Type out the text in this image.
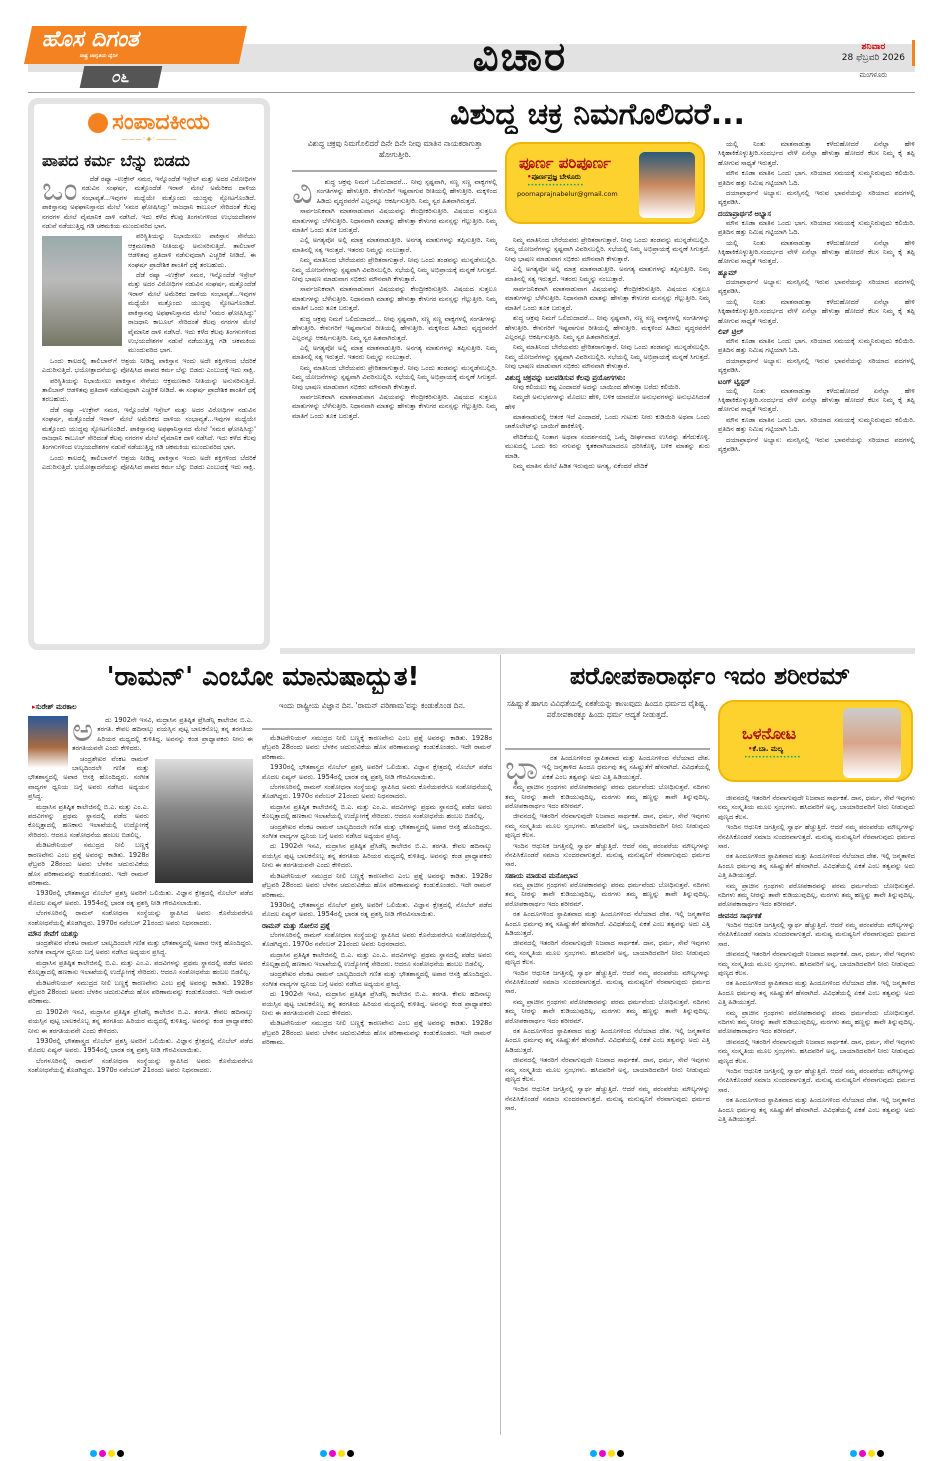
ಹೊಸ ದಿಗಂತ
ರಾಷ್ಟ್ರ ಜಾಗೃತಿಯ ದೈನಿಕ
೦೬	ವಿಚಾರ	ಶನಿವಾರ
28 ಫೆಬ್ರವರಿ 2026
ಮಂಗಳೂರು
ಸಂಪಾದಕೀಯ
———◦◈◦———
ಪಾಪದ ಕರ್ಮ ಬೆನ್ನು ಬಿಡದು
ಒಂ	ದೆಡೆ ರಷ್ಯಾ –ಉಕ್ರೇನ್ ಸಮರ, ಇನ್ನೊಂದೆಡೆ ಇಸ್ರೇಲ್ ಮತ್ತು ಅದರ ವಿರೋಧಿಗಳ ನಡುವಿನ ಸಂಘರ್ಷ, ಮತ್ತೊಂದೆಡೆ ಇರಾನ್ ಮೇಲೆ ಅಮೆರಿಕದ ದಾಳಿಯ ಸಂಭಾವ್ಯತೆ...ಇವುಗಳ ಮಧ್ಯೆಯೇ ಮತ್ತೊಂದು ಯುದ್ಧವು ಸ್ಫೋಟಗೊಂಡಿದೆ. ಪಾಕಿಸ್ತಾನವು ಅಫಘಾನಿಸ್ತಾನದ ಮೇಲೆ 'ಸಮರ ಘೋಷಿಸಿದ್ದು' ರಾಜಧಾನಿ ಕಾಬೂಲ್ ಸೇರಿದಂತೆ ಕೆಲವು ನಗರಗಳ ಮೇಲೆ ವೈಮಾನಿಕ ದಾಳಿ ನಡೆಸಿದೆ. ಇದು ಕಳೆದ ಕೆಲವು ತಿಂಗಳುಗಳಿಂದ ಉಭಯದೇಶಗಳ ನಡುವೆ ನಡೆಯುತ್ತಿದ್ದ ಗಡಿ ಚಕಮಕಿಯ ಮುಂದುವರಿದ ಭಾಗ.

ಪರಿಸ್ಥಿತಿಯನ್ನು ನಿಭಾಯಿಸಲು ಪಾಕಿಸ್ತಾನ ಸೇನೆಯು ಆಕ್ರಮಣಕಾರಿ ನೀತಿಯನ್ನು ಅನುಸರಿಸುತ್ತಿದೆ. ತಾಲಿಬಾನ್ ಆಡಳಿತವು ಪ್ರತಿದಾಳಿ ನಡೆಸುವುದಾಗಿ ಎಚ್ಚರಿಕೆ ನೀಡಿದೆ. ಈ ಸಂಘರ್ಷ ಪ್ರಾದೇಶಿಕ ಶಾಂತಿಗೆ ಧಕ್ಕೆ ತರಬಹುದು.

ದೆಡೆ ರಷ್ಯಾ –ಉಕ್ರೇನ್ ಸಮರ, ಇನ್ನೊಂದೆಡೆ ಇಸ್ರೇಲ್ ಮತ್ತು ಅದರ ವಿರೋಧಿಗಳ ನಡುವಿನ ಸಂಘರ್ಷ, ಮತ್ತೊಂದೆಡೆ ಇರಾನ್ ಮೇಲೆ ಅಮೆರಿಕದ ದಾಳಿಯ ಸಂಭಾವ್ಯತೆ...ಇವುಗಳ ಮಧ್ಯೆಯೇ ಮತ್ತೊಂದು ಯುದ್ಧವು ಸ್ಫೋಟಗೊಂಡಿದೆ. ಪಾಕಿಸ್ತಾನವು ಅಫಘಾನಿಸ್ತಾನದ ಮೇಲೆ 'ಸಮರ ಘೋಷಿಸಿದ್ದು' ರಾಜಧಾನಿ ಕಾಬೂಲ್ ಸೇರಿದಂತೆ ಕೆಲವು ನಗರಗಳ ಮೇಲೆ ವೈಮಾನಿಕ ದಾಳಿ ನಡೆಸಿದೆ. ಇದು ಕಳೆದ ಕೆಲವು ತಿಂಗಳುಗಳಿಂದ ಉಭಯದೇಶಗಳ ನಡುವೆ ನಡೆಯುತ್ತಿದ್ದ ಗಡಿ ಚಕಮಕಿಯ ಮುಂದುವರಿದ ಭಾಗ.

ಒಂದು ಕಾಲದಲ್ಲಿ ತಾಲಿಬಾನ್‌ಗೆ ಆಶ್ರಯ ನೀಡಿದ್ದ ಪಾಕಿಸ್ತಾನ ಇಂದು ಅದೇ ಶಕ್ತಿಗಳಿಂದ ಬೆದರಿಕೆ ಎದುರಿಸುತ್ತಿದೆ. ಭಯೋತ್ಪಾದನೆಯನ್ನು ಪೋಷಿಸಿದ ಪಾಪದ ಕರ್ಮ ಬೆನ್ನು ಬಿಡದು ಎಂಬುದಕ್ಕೆ ಇದು ಸಾಕ್ಷಿ.

ಪರಿಸ್ಥಿತಿಯನ್ನು ನಿಭಾಯಿಸಲು ಪಾಕಿಸ್ತಾನ ಸೇನೆಯು ಆಕ್ರಮಣಕಾರಿ ನೀತಿಯನ್ನು ಅನುಸರಿಸುತ್ತಿದೆ. ತಾಲಿಬಾನ್ ಆಡಳಿತವು ಪ್ರತಿದಾಳಿ ನಡೆಸುವುದಾಗಿ ಎಚ್ಚರಿಕೆ ನೀಡಿದೆ. ಈ ಸಂಘರ್ಷ ಪ್ರಾದೇಶಿಕ ಶಾಂತಿಗೆ ಧಕ್ಕೆ ತರಬಹುದು.

ದೆಡೆ ರಷ್ಯಾ –ಉಕ್ರೇನ್ ಸಮರ, ಇನ್ನೊಂದೆಡೆ ಇಸ್ರೇಲ್ ಮತ್ತು ಅದರ ವಿರೋಧಿಗಳ ನಡುವಿನ ಸಂಘರ್ಷ, ಮತ್ತೊಂದೆಡೆ ಇರಾನ್ ಮೇಲೆ ಅಮೆರಿಕದ ದಾಳಿಯ ಸಂಭಾವ್ಯತೆ...ಇವುಗಳ ಮಧ್ಯೆಯೇ ಮತ್ತೊಂದು ಯುದ್ಧವು ಸ್ಫೋಟಗೊಂಡಿದೆ. ಪಾಕಿಸ್ತಾನವು ಅಫಘಾನಿಸ್ತಾನದ ಮೇಲೆ 'ಸಮರ ಘೋಷಿಸಿದ್ದು' ರಾಜಧಾನಿ ಕಾಬೂಲ್ ಸೇರಿದಂತೆ ಕೆಲವು ನಗರಗಳ ಮೇಲೆ ವೈಮಾನಿಕ ದಾಳಿ ನಡೆಸಿದೆ. ಇದು ಕಳೆದ ಕೆಲವು ತಿಂಗಳುಗಳಿಂದ ಉಭಯದೇಶಗಳ ನಡುವೆ ನಡೆಯುತ್ತಿದ್ದ ಗಡಿ ಚಕಮಕಿಯ ಮುಂದುವರಿದ ಭಾಗ.

ಒಂದು ಕಾಲದಲ್ಲಿ ತಾಲಿಬಾನ್‌ಗೆ ಆಶ್ರಯ ನೀಡಿದ್ದ ಪಾಕಿಸ್ತಾನ ಇಂದು ಅದೇ ಶಕ್ತಿಗಳಿಂದ ಬೆದರಿಕೆ ಎದುರಿಸುತ್ತಿದೆ. ಭಯೋತ್ಪಾದನೆಯನ್ನು ಪೋಷಿಸಿದ ಪಾಪದ ಕರ್ಮ ಬೆನ್ನು ಬಿಡದು ಎಂಬುದಕ್ಕೆ ಇದು ಸಾಕ್ಷಿ.

ವಿಶುದ್ಧ ಚಕ್ರ ನಿಮಗೊಲಿದರೆ...
ವಿಶುದ್ಧ ಚಕ್ರವು ನಿಮಗೊಲಿದರೆ ದಿನೇ ದಿನೇ ನೀವು ಮಾತಿನ ನಾಯಕರಾಗುತ್ತಾ ಹೋಗುತ್ತೀರಿ.
ವಿ	ಶುದ್ಧ ಚಕ್ರವು ನಿಮಗೆ ಒಲಿದುದಾದರೆ... ನೀವು ಸ್ಪಷ್ಟವಾಗಿ, ಸಣ್ಣ ಸಣ್ಣ ವಾಕ್ಯಗಳಲ್ಲಿ ಸಂಗತಿಗಳನ್ನು ಹೇಳುತ್ತೀರಿ. ಕೇಳುಗರಿಗೆ ಇಷ್ಟವಾಗುವ ರೀತಿಯಲ್ಲಿ ಹೇಳುತ್ತೀರಿ. ಮಕ್ಕಳಿಂದ ಹಿಡಿದು ವೃದ್ಧರವರೆಗೆ ಎಲ್ಲರನ್ನೂ ಆಕರ್ಷಿಸುತ್ತೀರಿ. ನಿಮ್ಮ ಸ್ವರ ಹಿತವಾಗಿರುತ್ತದೆ.

ಸಾರ್ವಜನಿಕವಾಗಿ ಮಾತನಾಡುವಾಗ ವಿಷಯವನ್ನು ಕೇಂದ್ರೀಕರಿಸುತ್ತೀರಿ. ವಿಷಯದ ಸುತ್ತಲೂ ಮಾತುಗಳನ್ನು ಬೆಳೆಸುತ್ತೀರಿ. ನಿಧಾನವಾಗಿ ಮಾತನ್ನು ಹೇಳುತ್ತಾ ಕೇಳುಗರ ಮನಸ್ಸನ್ನು ಗೆಲ್ಲುತ್ತೀರಿ. ನಿಮ್ಮ ಮಾತಿಗೆ ಒಂದು ತೂಕ ಬರುತ್ತದೆ.

ಎಲ್ಲಿ ಅಗತ್ಯವೋ ಅಲ್ಲಿ ಮಾತ್ರ ಮಾತನಾಡುತ್ತೀರಿ. ಅನಗತ್ಯ ಮಾತುಗಳನ್ನು ತಪ್ಪಿಸುತ್ತೀರಿ. ನಿಮ್ಮ ಮಾತಿನಲ್ಲಿ ಸತ್ಯ ಇರುತ್ತದೆ. ಇತರರು ನಿಮ್ಮನ್ನು ನಂಬುತ್ತಾರೆ.

ನಿಮ್ಮ ಮಾತಿನಿಂದ ಬೇರೆಯವರು ಪ್ರೇರಿತರಾಗುತ್ತಾರೆ. ನೀವು ಒಂದು ತಂಡವನ್ನು ಮುನ್ನಡೆಸಬಲ್ಲಿರಿ. ನಿಮ್ಮ ಯೋಜನೆಗಳನ್ನು ಸ್ಪಷ್ಟವಾಗಿ ವಿವರಿಸಬಲ್ಲಿರಿ. ಸಭೆಯಲ್ಲಿ ನಿಮ್ಮ ಅಭಿಪ್ರಾಯಕ್ಕೆ ಮನ್ನಣೆ ಸಿಗುತ್ತದೆ. ನೀವು ಭಾಷಣ ಮಾಡುವಾಗ ಸಭಿಕರು ಮೌನವಾಗಿ ಕೇಳುತ್ತಾರೆ.

ಸಾರ್ವಜನಿಕವಾಗಿ ಮಾತನಾಡುವಾಗ ವಿಷಯವನ್ನು ಕೇಂದ್ರೀಕರಿಸುತ್ತೀರಿ. ವಿಷಯದ ಸುತ್ತಲೂ ಮಾತುಗಳನ್ನು ಬೆಳೆಸುತ್ತೀರಿ. ನಿಧಾನವಾಗಿ ಮಾತನ್ನು ಹೇಳುತ್ತಾ ಕೇಳುಗರ ಮನಸ್ಸನ್ನು ಗೆಲ್ಲುತ್ತೀರಿ. ನಿಮ್ಮ ಮಾತಿಗೆ ಒಂದು ತೂಕ ಬರುತ್ತದೆ.

ಶುದ್ಧ ಚಕ್ರವು ನಿಮಗೆ ಒಲಿದುದಾದರೆ... ನೀವು ಸ್ಪಷ್ಟವಾಗಿ, ಸಣ್ಣ ಸಣ್ಣ ವಾಕ್ಯಗಳಲ್ಲಿ ಸಂಗತಿಗಳನ್ನು ಹೇಳುತ್ತೀರಿ. ಕೇಳುಗರಿಗೆ ಇಷ್ಟವಾಗುವ ರೀತಿಯಲ್ಲಿ ಹೇಳುತ್ತೀರಿ. ಮಕ್ಕಳಿಂದ ಹಿಡಿದು ವೃದ್ಧರವರೆಗೆ ಎಲ್ಲರನ್ನೂ ಆಕರ್ಷಿಸುತ್ತೀರಿ. ನಿಮ್ಮ ಸ್ವರ ಹಿತವಾಗಿರುತ್ತದೆ.

ಎಲ್ಲಿ ಅಗತ್ಯವೋ ಅಲ್ಲಿ ಮಾತ್ರ ಮಾತನಾಡುತ್ತೀರಿ. ಅನಗತ್ಯ ಮಾತುಗಳನ್ನು ತಪ್ಪಿಸುತ್ತೀರಿ. ನಿಮ್ಮ ಮಾತಿನಲ್ಲಿ ಸತ್ಯ ಇರುತ್ತದೆ. ಇತರರು ನಿಮ್ಮನ್ನು ನಂಬುತ್ತಾರೆ.

ನಿಮ್ಮ ಮಾತಿನಿಂದ ಬೇರೆಯವರು ಪ್ರೇರಿತರಾಗುತ್ತಾರೆ. ನೀವು ಒಂದು ತಂಡವನ್ನು ಮುನ್ನಡೆಸಬಲ್ಲಿರಿ. ನಿಮ್ಮ ಯೋಜನೆಗಳನ್ನು ಸ್ಪಷ್ಟವಾಗಿ ವಿವರಿಸಬಲ್ಲಿರಿ. ಸಭೆಯಲ್ಲಿ ನಿಮ್ಮ ಅಭಿಪ್ರಾಯಕ್ಕೆ ಮನ್ನಣೆ ಸಿಗುತ್ತದೆ. ನೀವು ಭಾಷಣ ಮಾಡುವಾಗ ಸಭಿಕರು ಮೌನವಾಗಿ ಕೇಳುತ್ತಾರೆ.

ಸಾರ್ವಜನಿಕವಾಗಿ ಮಾತನಾಡುವಾಗ ವಿಷಯವನ್ನು ಕೇಂದ್ರೀಕರಿಸುತ್ತೀರಿ. ವಿಷಯದ ಸುತ್ತಲೂ ಮಾತುಗಳನ್ನು ಬೆಳೆಸುತ್ತೀರಿ. ನಿಧಾನವಾಗಿ ಮಾತನ್ನು ಹೇಳುತ್ತಾ ಕೇಳುಗರ ಮನಸ್ಸನ್ನು ಗೆಲ್ಲುತ್ತೀರಿ. ನಿಮ್ಮ ಮಾತಿಗೆ ಒಂದು ತೂಕ ಬರುತ್ತದೆ.

ಪೂರ್ಣ ಪರಿಪೂರ್ಣ
•ಪೂರ್ಣಪ್ರಜ್ಞ ಬೇಳೂರು
••••••••••••••••
poornaprajnabelur@gmail.com

ನಿಮ್ಮ ಮಾತಿನಿಂದ ಬೇರೆಯವರು ಪ್ರೇರಿತರಾಗುತ್ತಾರೆ. ನೀವು ಒಂದು ತಂಡವನ್ನು ಮುನ್ನಡೆಸಬಲ್ಲಿರಿ. ನಿಮ್ಮ ಯೋಜನೆಗಳನ್ನು ಸ್ಪಷ್ಟವಾಗಿ ವಿವರಿಸಬಲ್ಲಿರಿ. ಸಭೆಯಲ್ಲಿ ನಿಮ್ಮ ಅಭಿಪ್ರಾಯಕ್ಕೆ ಮನ್ನಣೆ ಸಿಗುತ್ತದೆ. ನೀವು ಭಾಷಣ ಮಾಡುವಾಗ ಸಭಿಕರು ಮೌನವಾಗಿ ಕೇಳುತ್ತಾರೆ.

ಎಲ್ಲಿ ಅಗತ್ಯವೋ ಅಲ್ಲಿ ಮಾತ್ರ ಮಾತನಾಡುತ್ತೀರಿ. ಅನಗತ್ಯ ಮಾತುಗಳನ್ನು ತಪ್ಪಿಸುತ್ತೀರಿ. ನಿಮ್ಮ ಮಾತಿನಲ್ಲಿ ಸತ್ಯ ಇರುತ್ತದೆ. ಇತರರು ನಿಮ್ಮನ್ನು ನಂಬುತ್ತಾರೆ.

ಸಾರ್ವಜನಿಕವಾಗಿ ಮಾತನಾಡುವಾಗ ವಿಷಯವನ್ನು ಕೇಂದ್ರೀಕರಿಸುತ್ತೀರಿ. ವಿಷಯದ ಸುತ್ತಲೂ ಮಾತುಗಳನ್ನು ಬೆಳೆಸುತ್ತೀರಿ. ನಿಧಾನವಾಗಿ ಮಾತನ್ನು ಹೇಳುತ್ತಾ ಕೇಳುಗರ ಮನಸ್ಸನ್ನು ಗೆಲ್ಲುತ್ತೀರಿ. ನಿಮ್ಮ ಮಾತಿಗೆ ಒಂದು ತೂಕ ಬರುತ್ತದೆ.

ಶುದ್ಧ ಚಕ್ರವು ನಿಮಗೆ ಒಲಿದುದಾದರೆ... ನೀವು ಸ್ಪಷ್ಟವಾಗಿ, ಸಣ್ಣ ಸಣ್ಣ ವಾಕ್ಯಗಳಲ್ಲಿ ಸಂಗತಿಗಳನ್ನು ಹೇಳುತ್ತೀರಿ. ಕೇಳುಗರಿಗೆ ಇಷ್ಟವಾಗುವ ರೀತಿಯಲ್ಲಿ ಹೇಳುತ್ತೀರಿ. ಮಕ್ಕಳಿಂದ ಹಿಡಿದು ವೃದ್ಧರವರೆಗೆ ಎಲ್ಲರನ್ನೂ ಆಕರ್ಷಿಸುತ್ತೀರಿ. ನಿಮ್ಮ ಸ್ವರ ಹಿತವಾಗಿರುತ್ತದೆ.

ನಿಮ್ಮ ಮಾತಿನಿಂದ ಬೇರೆಯವರು ಪ್ರೇರಿತರಾಗುತ್ತಾರೆ. ನೀವು ಒಂದು ತಂಡವನ್ನು ಮುನ್ನಡೆಸಬಲ್ಲಿರಿ. ನಿಮ್ಮ ಯೋಜನೆಗಳನ್ನು ಸ್ಪಷ್ಟವಾಗಿ ವಿವರಿಸಬಲ್ಲಿರಿ. ಸಭೆಯಲ್ಲಿ ನಿಮ್ಮ ಅಭಿಪ್ರಾಯಕ್ಕೆ ಮನ್ನಣೆ ಸಿಗುತ್ತದೆ. ನೀವು ಭಾಷಣ ಮಾಡುವಾಗ ಸಭಿಕರು ಮೌನವಾಗಿ ಕೇಳುತ್ತಾರೆ.

ವಿಶುದ್ಧ ಚಕ್ರವನ್ನು ಬಲಪಡಿಸುವ ಕೆಲವು ಪ್ರಯೋಗಗಳು:

ನೀವು ಕಲಿಯಲು ಕಷ್ಟ ಎಂದಾದರೆ ಅದನ್ನು ಬಾಯಿಂದ ಹೇಳುತ್ತಾ ಬರೆದು ಕಲಿಯಿರಿ.

ನಿಮ್ಮದೇ ಅನುಭವಗಳನ್ನು ಮೊದಲು ಹೇಳಿ, ಬಳಿಕ ಯಾರದೋ ಅನುಭವಗಳನ್ನು ಅನುಭವಿಸಿದಂತೆ ಹೇಳಿ

ಮಾತನಾಡುವಲ್ಲಿ ಆತಂಕ ಇದೆ ಎಂದಾದರೆ, ಒಂದು ಗುಟುಕು ನೀರು ಕುಡಿಯಿರಿ ಅಥವಾ ಒಂದು ಚಾಕೊಲೇಟ್‌ನ್ನು ಬಾಯಿಗೆ ಹಾಕಿಕೊಳ್ಳಿ.

ವೇದಿಕೆಯಲ್ಲಿ ನಿಂತಾಗ ಅಥವಾ ಸಂದರ್ಶನದಲ್ಲಿ ಒಮ್ಮೆ ದೀರ್ಘವಾದ ಉಸಿರನ್ನು ತೆಗೆದುಕೊಳ್ಳಿ. ಮುಖದಲ್ಲಿ ಒಂದು ಕಿರು ನಗುವನ್ನು ಕೃತಕವಾಗಿಯಾದರೂ ಧರಿಸಿಕೊಳ್ಳಿ, ಬಳಿಕ ಮಾತನ್ನು ಶುರು ಮಾಡಿ.

ನಿಮ್ಮ ಮಾತಿನ ಮೇಲೆ ಹಿಡಿತ ಇರುವುದು ಅಗತ್ಯ, ಏಕೆಂದರೆ ವೇದಿಕೆ

ಯಲ್ಲಿ ನಿಂತು ಮಾತನಾಡುತ್ತಾ ಕಳೆದುಹೋದರೆ ಏನೆಲ್ಲಾ ಹೇಳಿ ಸಿಕ್ಕಿಹಾಕಿಕೊಳ್ಳುತ್ತೀರಿ.ಸಂದರ್ಭದ ವೇಳೆ ಏನೆಲ್ಲಾ ಹೇಳುತ್ತಾ ಹೋದರೆ ಕೆಲಸ ನಿಮ್ಮ ಕೈ ತಪ್ಪಿ ಹೋಗುವ ಸಾಧ್ಯತೆ ಇರುತ್ತದೆ.

ಮೌನ ಕೂಡಾ ಮಾತಿನ ಒಂದು ಭಾಗ. ಸರಿಯಾದ ಸಮಯಕ್ಕೆ ಸುಮ್ಮನಿರುವುದು ಕಲಿಯಿರಿ. ಪ್ರತಿದಿನ ಹತ್ತು ನಿಮಿಷ ಗಟ್ಟಿಯಾಗಿ ಓದಿ.

ದಯಾಪ್ರಾರ್ಥನೆ ಅಭ್ಯಾಸ: ಮನಸ್ಸಿನಲ್ಲಿ ಇರುವ ಭಾವನೆಯನ್ನು ಸರಿಯಾದ ಪದಗಳಲ್ಲಿ ವ್ಯಕ್ತಪಡಿಸಿ.

ದಯಾಪ್ರಾರ್ಥನೆ ಅಭ್ಯಾಸ

ಮೌನ ಕೂಡಾ ಮಾತಿನ ಒಂದು ಭಾಗ. ಸರಿಯಾದ ಸಮಯಕ್ಕೆ ಸುಮ್ಮನಿರುವುದು ಕಲಿಯಿರಿ. ಪ್ರತಿದಿನ ಹತ್ತು ನಿಮಿಷ ಗಟ್ಟಿಯಾಗಿ ಓದಿ.

ಯಲ್ಲಿ ನಿಂತು ಮಾತನಾಡುತ್ತಾ ಕಳೆದುಹೋದರೆ ಏನೆಲ್ಲಾ ಹೇಳಿ ಸಿಕ್ಕಿಹಾಕಿಕೊಳ್ಳುತ್ತೀರಿ.ಸಂದರ್ಭದ ವೇಳೆ ಏನೆಲ್ಲಾ ಹೇಳುತ್ತಾ ಹೋದರೆ ಕೆಲಸ ನಿಮ್ಮ ಕೈ ತಪ್ಪಿ ಹೋಗುವ ಸಾಧ್ಯತೆ ಇರುತ್ತದೆ.

ಹ್ಯೂಮ್

ದಯಾಪ್ರಾರ್ಥನೆ ಅಭ್ಯಾಸ: ಮನಸ್ಸಿನಲ್ಲಿ ಇರುವ ಭಾವನೆಯನ್ನು ಸರಿಯಾದ ಪದಗಳಲ್ಲಿ ವ್ಯಕ್ತಪಡಿಸಿ.

ಯಲ್ಲಿ ನಿಂತು ಮಾತನಾಡುತ್ತಾ ಕಳೆದುಹೋದರೆ ಏನೆಲ್ಲಾ ಹೇಳಿ ಸಿಕ್ಕಿಹಾಕಿಕೊಳ್ಳುತ್ತೀರಿ.ಸಂದರ್ಭದ ವೇಳೆ ಏನೆಲ್ಲಾ ಹೇಳುತ್ತಾ ಹೋದರೆ ಕೆಲಸ ನಿಮ್ಮ ಕೈ ತಪ್ಪಿ ಹೋಗುವ ಸಾಧ್ಯತೆ ಇರುತ್ತದೆ.

ಲಿಪ್ ಟ್ರಿಲ್

ಮೌನ ಕೂಡಾ ಮಾತಿನ ಒಂದು ಭಾಗ. ಸರಿಯಾದ ಸಮಯಕ್ಕೆ ಸುಮ್ಮನಿರುವುದು ಕಲಿಯಿರಿ. ಪ್ರತಿದಿನ ಹತ್ತು ನಿಮಿಷ ಗಟ್ಟಿಯಾಗಿ ಓದಿ.

ದಯಾಪ್ರಾರ್ಥನೆ ಅಭ್ಯಾಸ: ಮನಸ್ಸಿನಲ್ಲಿ ಇರುವ ಭಾವನೆಯನ್ನು ಸರಿಯಾದ ಪದಗಳಲ್ಲಿ ವ್ಯಕ್ತಪಡಿಸಿ.

ಟಂಗ್ ಟ್ವಿಸ್ಟರ್

ಯಲ್ಲಿ ನಿಂತು ಮಾತನಾಡುತ್ತಾ ಕಳೆದುಹೋದರೆ ಏನೆಲ್ಲಾ ಹೇಳಿ ಸಿಕ್ಕಿಹಾಕಿಕೊಳ್ಳುತ್ತೀರಿ.ಸಂದರ್ಭದ ವೇಳೆ ಏನೆಲ್ಲಾ ಹೇಳುತ್ತಾ ಹೋದರೆ ಕೆಲಸ ನಿಮ್ಮ ಕೈ ತಪ್ಪಿ ಹೋಗುವ ಸಾಧ್ಯತೆ ಇರುತ್ತದೆ.

ಮೌನ ಕೂಡಾ ಮಾತಿನ ಒಂದು ಭಾಗ. ಸರಿಯಾದ ಸಮಯಕ್ಕೆ ಸುಮ್ಮನಿರುವುದು ಕಲಿಯಿರಿ. ಪ್ರತಿದಿನ ಹತ್ತು ನಿಮಿಷ ಗಟ್ಟಿಯಾಗಿ ಓದಿ.

ದಯಾಪ್ರಾರ್ಥನೆ ಅಭ್ಯಾಸ: ಮನಸ್ಸಿನಲ್ಲಿ ಇರುವ ಭಾವನೆಯನ್ನು ಸರಿಯಾದ ಪದಗಳಲ್ಲಿ ವ್ಯಕ್ತಪಡಿಸಿ.

'ರಾಮನ್' ಎಂಬೋ ಮಾನುಷಾದ್ಭುತ!
▸ಸುರೇಶ್ ಮರಕಾಲ	ಇಂದು ರಾಷ್ಟ್ರೀಯ ವಿಜ್ಞಾನ ದಿನ. 'ರಾಮನ್ ಪರಿಣಾಮ'ವನ್ನು ಕಂಡುಕೊಂಡ ದಿನ.
ಅ	ದು 1902ನೇ ಇಸವಿ, ಮದ್ರಾಸಿನ ಪ್ರತಿಷ್ಠಿತ ಪ್ರೆಸಿಡೆನ್ಸಿ ಕಾಲೇಜಿನ ಬಿ.ಎ. ತರಗತಿ. ಕೇವಲ ಹದಿನಾಲ್ಕು ವಯಸ್ಸಿನ ಪುಟ್ಟ ಬಾಲಕನೊಬ್ಬ ತನ್ನ ತರಗತಿಯ ಹಿರಿಯರ ಮಧ್ಯದಲ್ಲಿ ಕುಳಿತಿದ್ದ. ಅವನನ್ನು ಕಂಡ ಪ್ರಾಧ್ಯಾಪಕರು ನೀನು ಈ ತರಗತಿಯವನೇ ಎಂದು ಕೇಳಿದರು.

ಚಂದ್ರಶೇಖರ ವೆಂಕಟ ರಾಮನ್ ಬಾಲ್ಯದಿಂದಲೇ ಗಣಿತ ಮತ್ತು ಭೌತಶಾಸ್ತ್ರದಲ್ಲಿ ಅಪಾರ ಆಸಕ್ತಿ ಹೊಂದಿದ್ದರು. ಸಂಗೀತ ವಾದ್ಯಗಳ ಧ್ವನಿಯ ಬಗ್ಗೆ ಅವರು ನಡೆಸಿದ ಅಧ್ಯಯನ ಪ್ರಸಿದ್ಧ.

ಮದ್ರಾಸಿನ ಪ್ರತಿಷ್ಠಿತ ಕಾಲೇಜಿನಲ್ಲಿ ಬಿ.ಎ. ಮತ್ತು ಎಂ.ಎ. ಪದವಿಗಳನ್ನು ಪ್ರಥಮ ಸ್ಥಾನದಲ್ಲಿ ಪಡೆದ ಅವರು ಕೊಲ್ಕತ್ತಾದಲ್ಲಿ ಹಣಕಾಸು ಇಲಾಖೆಯಲ್ಲಿ ಉದ್ಯೋಗಕ್ಕೆ ಸೇರಿದರು. ಆದರೂ ಸಂಶೋಧನೆಯ ಹಂಬಲ ಬಿಡಲಿಲ್ಲ.

ಮೆಡಿಟರೇನಿಯನ್ ಸಮುದ್ರದ ನೀಲಿ ಬಣ್ಣಕ್ಕೆ ಕಾರಣವೇನು ಎಂಬ ಪ್ರಶ್ನೆ ಅವರನ್ನು ಕಾಡಿತು. 1928ರ ಫೆಬ್ರವರಿ 28ರಂದು ಅವರು ಬೆಳಕಿನ ಚದುರುವಿಕೆಯ ಹೊಸ ಪರಿಣಾಮವನ್ನು ಕಂಡುಕೊಂಡರು. ಇದೇ ರಾಮನ್ ಪರಿಣಾಮ.

1930ರಲ್ಲಿ ಭೌತಶಾಸ್ತ್ರದ ನೊಬೆಲ್ ಪ್ರಶಸ್ತಿ ಅವರಿಗೆ ಒಲಿಯಿತು. ವಿಜ್ಞಾನ ಕ್ಷೇತ್ರದಲ್ಲಿ ನೊಬೆಲ್ ಪಡೆದ ಮೊದಲ ಏಷ್ಯನ್ ಅವರು. 1954ರಲ್ಲಿ ಭಾರತ ರತ್ನ ಪ್ರಶಸ್ತಿ ನೀಡಿ ಗೌರವಿಸಲಾಯಿತು.

ಬೆಂಗಳೂರಿನಲ್ಲಿ ರಾಮನ್ ಸಂಶೋಧನಾ ಸಂಸ್ಥೆಯನ್ನು ಸ್ಥಾಪಿಸಿದ ಅವರು ಕೊನೆಯವರೆಗೂ ಸಂಶೋಧನೆಯಲ್ಲಿ ತೊಡಗಿದ್ದರು. 1970ರ ನವೆಂಬರ್ 21ರಂದು ಅವರು ನಿಧನರಾದರು.

ಮೌನ ಸೇವೆಗೆ ಯಶಸ್ಸು

ಚಂದ್ರಶೇಖರ ವೆಂಕಟ ರಾಮನ್ ಬಾಲ್ಯದಿಂದಲೇ ಗಣಿತ ಮತ್ತು ಭೌತಶಾಸ್ತ್ರದಲ್ಲಿ ಅಪಾರ ಆಸಕ್ತಿ ಹೊಂದಿದ್ದರು. ಸಂಗೀತ ವಾದ್ಯಗಳ ಧ್ವನಿಯ ಬಗ್ಗೆ ಅವರು ನಡೆಸಿದ ಅಧ್ಯಯನ ಪ್ರಸಿದ್ಧ.

ಮದ್ರಾಸಿನ ಪ್ರತಿಷ್ಠಿತ ಕಾಲೇಜಿನಲ್ಲಿ ಬಿ.ಎ. ಮತ್ತು ಎಂ.ಎ. ಪದವಿಗಳನ್ನು ಪ್ರಥಮ ಸ್ಥಾನದಲ್ಲಿ ಪಡೆದ ಅವರು ಕೊಲ್ಕತ್ತಾದಲ್ಲಿ ಹಣಕಾಸು ಇಲಾಖೆಯಲ್ಲಿ ಉದ್ಯೋಗಕ್ಕೆ ಸೇರಿದರು. ಆದರೂ ಸಂಶೋಧನೆಯ ಹಂಬಲ ಬಿಡಲಿಲ್ಲ.

ಮೆಡಿಟರೇನಿಯನ್ ಸಮುದ್ರದ ನೀಲಿ ಬಣ್ಣಕ್ಕೆ ಕಾರಣವೇನು ಎಂಬ ಪ್ರಶ್ನೆ ಅವರನ್ನು ಕಾಡಿತು. 1928ರ ಫೆಬ್ರವರಿ 28ರಂದು ಅವರು ಬೆಳಕಿನ ಚದುರುವಿಕೆಯ ಹೊಸ ಪರಿಣಾಮವನ್ನು ಕಂಡುಕೊಂಡರು. ಇದೇ ರಾಮನ್ ಪರಿಣಾಮ.

ದು 1902ನೇ ಇಸವಿ, ಮದ್ರಾಸಿನ ಪ್ರತಿಷ್ಠಿತ ಪ್ರೆಸಿಡೆನ್ಸಿ ಕಾಲೇಜಿನ ಬಿ.ಎ. ತರಗತಿ. ಕೇವಲ ಹದಿನಾಲ್ಕು ವಯಸ್ಸಿನ ಪುಟ್ಟ ಬಾಲಕನೊಬ್ಬ ತನ್ನ ತರಗತಿಯ ಹಿರಿಯರ ಮಧ್ಯದಲ್ಲಿ ಕುಳಿತಿದ್ದ. ಅವನನ್ನು ಕಂಡ ಪ್ರಾಧ್ಯಾಪಕರು ನೀನು ಈ ತರಗತಿಯವನೇ ಎಂದು ಕೇಳಿದರು.

1930ರಲ್ಲಿ ಭೌತಶಾಸ್ತ್ರದ ನೊಬೆಲ್ ಪ್ರಶಸ್ತಿ ಅವರಿಗೆ ಒಲಿಯಿತು. ವಿಜ್ಞಾನ ಕ್ಷೇತ್ರದಲ್ಲಿ ನೊಬೆಲ್ ಪಡೆದ ಮೊದಲ ಏಷ್ಯನ್ ಅವರು. 1954ರಲ್ಲಿ ಭಾರತ ರತ್ನ ಪ್ರಶಸ್ತಿ ನೀಡಿ ಗೌರವಿಸಲಾಯಿತು.

ಬೆಂಗಳೂರಿನಲ್ಲಿ ರಾಮನ್ ಸಂಶೋಧನಾ ಸಂಸ್ಥೆಯನ್ನು ಸ್ಥಾಪಿಸಿದ ಅವರು ಕೊನೆಯವರೆಗೂ ಸಂಶೋಧನೆಯಲ್ಲಿ ತೊಡಗಿದ್ದರು. 1970ರ ನವೆಂಬರ್ 21ರಂದು ಅವರು ನಿಧನರಾದರು.

ಮೆಡಿಟರೇನಿಯನ್ ಸಮುದ್ರದ ನೀಲಿ ಬಣ್ಣಕ್ಕೆ ಕಾರಣವೇನು ಎಂಬ ಪ್ರಶ್ನೆ ಅವರನ್ನು ಕಾಡಿತು. 1928ರ ಫೆಬ್ರವರಿ 28ರಂದು ಅವರು ಬೆಳಕಿನ ಚದುರುವಿಕೆಯ ಹೊಸ ಪರಿಣಾಮವನ್ನು ಕಂಡುಕೊಂಡರು. ಇದೇ ರಾಮನ್ ಪರಿಣಾಮ.

1930ರಲ್ಲಿ ಭೌತಶಾಸ್ತ್ರದ ನೊಬೆಲ್ ಪ್ರಶಸ್ತಿ ಅವರಿಗೆ ಒಲಿಯಿತು. ವಿಜ್ಞಾನ ಕ್ಷೇತ್ರದಲ್ಲಿ ನೊಬೆಲ್ ಪಡೆದ ಮೊದಲ ಏಷ್ಯನ್ ಅವರು. 1954ರಲ್ಲಿ ಭಾರತ ರತ್ನ ಪ್ರಶಸ್ತಿ ನೀಡಿ ಗೌರವಿಸಲಾಯಿತು.

ಬೆಂಗಳೂರಿನಲ್ಲಿ ರಾಮನ್ ಸಂಶೋಧನಾ ಸಂಸ್ಥೆಯನ್ನು ಸ್ಥಾಪಿಸಿದ ಅವರು ಕೊನೆಯವರೆಗೂ ಸಂಶೋಧನೆಯಲ್ಲಿ ತೊಡಗಿದ್ದರು. 1970ರ ನವೆಂಬರ್ 21ರಂದು ಅವರು ನಿಧನರಾದರು.

ಮದ್ರಾಸಿನ ಪ್ರತಿಷ್ಠಿತ ಕಾಲೇಜಿನಲ್ಲಿ ಬಿ.ಎ. ಮತ್ತು ಎಂ.ಎ. ಪದವಿಗಳನ್ನು ಪ್ರಥಮ ಸ್ಥಾನದಲ್ಲಿ ಪಡೆದ ಅವರು ಕೊಲ್ಕತ್ತಾದಲ್ಲಿ ಹಣಕಾಸು ಇಲಾಖೆಯಲ್ಲಿ ಉದ್ಯೋಗಕ್ಕೆ ಸೇರಿದರು. ಆದರೂ ಸಂಶೋಧನೆಯ ಹಂಬಲ ಬಿಡಲಿಲ್ಲ.

ಚಂದ್ರಶೇಖರ ವೆಂಕಟ ರಾಮನ್ ಬಾಲ್ಯದಿಂದಲೇ ಗಣಿತ ಮತ್ತು ಭೌತಶಾಸ್ತ್ರದಲ್ಲಿ ಅಪಾರ ಆಸಕ್ತಿ ಹೊಂದಿದ್ದರು. ಸಂಗೀತ ವಾದ್ಯಗಳ ಧ್ವನಿಯ ಬಗ್ಗೆ ಅವರು ನಡೆಸಿದ ಅಧ್ಯಯನ ಪ್ರಸಿದ್ಧ.

ದು 1902ನೇ ಇಸವಿ, ಮದ್ರಾಸಿನ ಪ್ರತಿಷ್ಠಿತ ಪ್ರೆಸಿಡೆನ್ಸಿ ಕಾಲೇಜಿನ ಬಿ.ಎ. ತರಗತಿ. ಕೇವಲ ಹದಿನಾಲ್ಕು ವಯಸ್ಸಿನ ಪುಟ್ಟ ಬಾಲಕನೊಬ್ಬ ತನ್ನ ತರಗತಿಯ ಹಿರಿಯರ ಮಧ್ಯದಲ್ಲಿ ಕುಳಿತಿದ್ದ. ಅವನನ್ನು ಕಂಡ ಪ್ರಾಧ್ಯಾಪಕರು ನೀನು ಈ ತರಗತಿಯವನೇ ಎಂದು ಕೇಳಿದರು.

ಮೆಡಿಟರೇನಿಯನ್ ಸಮುದ್ರದ ನೀಲಿ ಬಣ್ಣಕ್ಕೆ ಕಾರಣವೇನು ಎಂಬ ಪ್ರಶ್ನೆ ಅವರನ್ನು ಕಾಡಿತು. 1928ರ ಫೆಬ್ರವರಿ 28ರಂದು ಅವರು ಬೆಳಕಿನ ಚದುರುವಿಕೆಯ ಹೊಸ ಪರಿಣಾಮವನ್ನು ಕಂಡುಕೊಂಡರು. ಇದೇ ರಾಮನ್ ಪರಿಣಾಮ.

1930ರಲ್ಲಿ ಭೌತಶಾಸ್ತ್ರದ ನೊಬೆಲ್ ಪ್ರಶಸ್ತಿ ಅವರಿಗೆ ಒಲಿಯಿತು. ವಿಜ್ಞಾನ ಕ್ಷೇತ್ರದಲ್ಲಿ ನೊಬೆಲ್ ಪಡೆದ ಮೊದಲ ಏಷ್ಯನ್ ಅವರು. 1954ರಲ್ಲಿ ಭಾರತ ರತ್ನ ಪ್ರಶಸ್ತಿ ನೀಡಿ ಗೌರವಿಸಲಾಯಿತು.

ರಾಮನ್ ಮತ್ತು ಸೋಲಿನ ಪ್ರಶ್ನೆ

ಬೆಂಗಳೂರಿನಲ್ಲಿ ರಾಮನ್ ಸಂಶೋಧನಾ ಸಂಸ್ಥೆಯನ್ನು ಸ್ಥಾಪಿಸಿದ ಅವರು ಕೊನೆಯವರೆಗೂ ಸಂಶೋಧನೆಯಲ್ಲಿ ತೊಡಗಿದ್ದರು. 1970ರ ನವೆಂಬರ್ 21ರಂದು ಅವರು ನಿಧನರಾದರು.

ಮದ್ರಾಸಿನ ಪ್ರತಿಷ್ಠಿತ ಕಾಲೇಜಿನಲ್ಲಿ ಬಿ.ಎ. ಮತ್ತು ಎಂ.ಎ. ಪದವಿಗಳನ್ನು ಪ್ರಥಮ ಸ್ಥಾನದಲ್ಲಿ ಪಡೆದ ಅವರು ಕೊಲ್ಕತ್ತಾದಲ್ಲಿ ಹಣಕಾಸು ಇಲಾಖೆಯಲ್ಲಿ ಉದ್ಯೋಗಕ್ಕೆ ಸೇರಿದರು. ಆದರೂ ಸಂಶೋಧನೆಯ ಹಂಬಲ ಬಿಡಲಿಲ್ಲ.

ಚಂದ್ರಶೇಖರ ವೆಂಕಟ ರಾಮನ್ ಬಾಲ್ಯದಿಂದಲೇ ಗಣಿತ ಮತ್ತು ಭೌತಶಾಸ್ತ್ರದಲ್ಲಿ ಅಪಾರ ಆಸಕ್ತಿ ಹೊಂದಿದ್ದರು. ಸಂಗೀತ ವಾದ್ಯಗಳ ಧ್ವನಿಯ ಬಗ್ಗೆ ಅವರು ನಡೆಸಿದ ಅಧ್ಯಯನ ಪ್ರಸಿದ್ಧ.

ದು 1902ನೇ ಇಸವಿ, ಮದ್ರಾಸಿನ ಪ್ರತಿಷ್ಠಿತ ಪ್ರೆಸಿಡೆನ್ಸಿ ಕಾಲೇಜಿನ ಬಿ.ಎ. ತರಗತಿ. ಕೇವಲ ಹದಿನಾಲ್ಕು ವಯಸ್ಸಿನ ಪುಟ್ಟ ಬಾಲಕನೊಬ್ಬ ತನ್ನ ತರಗತಿಯ ಹಿರಿಯರ ಮಧ್ಯದಲ್ಲಿ ಕುಳಿತಿದ್ದ. ಅವನನ್ನು ಕಂಡ ಪ್ರಾಧ್ಯಾಪಕರು ನೀನು ಈ ತರಗತಿಯವನೇ ಎಂದು ಕೇಳಿದರು.

ಮೆಡಿಟರೇನಿಯನ್ ಸಮುದ್ರದ ನೀಲಿ ಬಣ್ಣಕ್ಕೆ ಕಾರಣವೇನು ಎಂಬ ಪ್ರಶ್ನೆ ಅವರನ್ನು ಕಾಡಿತು. 1928ರ ಫೆಬ್ರವರಿ 28ರಂದು ಅವರು ಬೆಳಕಿನ ಚದುರುವಿಕೆಯ ಹೊಸ ಪರಿಣಾಮವನ್ನು ಕಂಡುಕೊಂಡರು. ಇದೇ ರಾಮನ್ ಪರಿಣಾಮ.

ಪರೋಪಕಾರಾರ್ಥಂ ಇದಂ ಶರೀರಮ್
ಸಹಿಷ್ಣುತೆ ಹಾಗೂ ವಿವಿಧತೆಯಲ್ಲಿ ಏಕತೆಯನ್ನು ಕಾಣುವುದು ಹಿಂದೂ ಧರ್ಮದ ವೈಶಿಷ್ಟ್ಯ. ಪರೋಪಕಾರಕ್ಕೂ ಹಿಂದು ಧರ್ಮ ಆದ್ಯತೆ ನೀಡುತ್ತದೆ.
ಒಳನೋಟ
•ಕೆ.ಬಾ. ಮಲ್ಯ
••••••••••••••••
ಭಾ	ರತ ಹಿಂದೂಗಳಿಂದ ಸ್ಥಾಪಿತವಾದ ಮತ್ತು ಹಿಂದೂಗಳಿಂದ ನೆಲೆಯಾದ ದೇಶ. ಇಲ್ಲಿ ಜನ್ಮತಾಳಿದ ಹಿಂದೂ ಧರ್ಮವು ತನ್ನ ಸಹಿಷ್ಣುತೆಗೆ ಹೆಸರಾಗಿದೆ. ವಿವಿಧತೆಯಲ್ಲಿ ಏಕತೆ ಎಂಬ ತತ್ವವನ್ನು ಅದು ಎತ್ತಿ ಹಿಡಿಯುತ್ತದೆ.

ನಮ್ಮ ಪ್ರಾಚೀನ ಗ್ರಂಥಗಳು ಪರೋಪಕಾರವನ್ನು ಪರಮ ಧರ್ಮವೆಂದು ಬೋಧಿಸುತ್ತವೆ. ನದಿಗಳು ತಮ್ಮ ನೀರನ್ನು ತಾವೇ ಕುಡಿಯುವುದಿಲ್ಲ, ಮರಗಳು ತಮ್ಮ ಹಣ್ಣನ್ನು ತಾವೇ ತಿನ್ನುವುದಿಲ್ಲ. ಪರೋಪಕಾರಾರ್ಥಂ ಇದಂ ಶರೀರಮ್.

ಜೀವನದಲ್ಲಿ ಇತರರಿಗೆ ನೆರವಾಗುವುದೇ ನಿಜವಾದ ಸಾರ್ಥಕತೆ. ದಾನ, ಧರ್ಮ, ಸೇವೆ ಇವುಗಳು ನಮ್ಮ ಸಂಸ್ಕೃತಿಯ ಮೂಲ ಸ್ತಂಭಗಳು. ಹಸಿದವರಿಗೆ ಅನ್ನ, ಬಾಯಾರಿದವರಿಗೆ ನೀರು ನೀಡುವುದು ಪುಣ್ಯದ ಕೆಲಸ.

ಇಂದಿನ ಆಧುನಿಕ ಜಗತ್ತಿನಲ್ಲಿ ಸ್ವಾರ್ಥ ಹೆಚ್ಚುತ್ತಿದೆ. ಆದರೆ ನಮ್ಮ ಪರಂಪರೆಯ ಮೌಲ್ಯಗಳನ್ನು ನೆನಪಿಸಿಕೊಂಡರೆ ಸಮಾಜ ಸುಂದರವಾಗುತ್ತದೆ. ಮನುಷ್ಯ ಮನುಷ್ಯನಿಗೆ ನೆರವಾಗುವುದು ಧರ್ಮದ ಸಾರ.

ಸಹಾಯ ಮಾಡುವ ಮನೋಭಾವ

ನಮ್ಮ ಪ್ರಾಚೀನ ಗ್ರಂಥಗಳು ಪರೋಪಕಾರವನ್ನು ಪರಮ ಧರ್ಮವೆಂದು ಬೋಧಿಸುತ್ತವೆ. ನದಿಗಳು ತಮ್ಮ ನೀರನ್ನು ತಾವೇ ಕುಡಿಯುವುದಿಲ್ಲ, ಮರಗಳು ತಮ್ಮ ಹಣ್ಣನ್ನು ತಾವೇ ತಿನ್ನುವುದಿಲ್ಲ. ಪರೋಪಕಾರಾರ್ಥಂ ಇದಂ ಶರೀರಮ್.

ರತ ಹಿಂದೂಗಳಿಂದ ಸ್ಥಾಪಿತವಾದ ಮತ್ತು ಹಿಂದೂಗಳಿಂದ ನೆಲೆಯಾದ ದೇಶ. ಇಲ್ಲಿ ಜನ್ಮತಾಳಿದ ಹಿಂದೂ ಧರ್ಮವು ತನ್ನ ಸಹಿಷ್ಣುತೆಗೆ ಹೆಸರಾಗಿದೆ. ವಿವಿಧತೆಯಲ್ಲಿ ಏಕತೆ ಎಂಬ ತತ್ವವನ್ನು ಅದು ಎತ್ತಿ ಹಿಡಿಯುತ್ತದೆ.

ಜೀವನದಲ್ಲಿ ಇತರರಿಗೆ ನೆರವಾಗುವುದೇ ನಿಜವಾದ ಸಾರ್ಥಕತೆ. ದಾನ, ಧರ್ಮ, ಸೇವೆ ಇವುಗಳು ನಮ್ಮ ಸಂಸ್ಕೃತಿಯ ಮೂಲ ಸ್ತಂಭಗಳು. ಹಸಿದವರಿಗೆ ಅನ್ನ, ಬಾಯಾರಿದವರಿಗೆ ನೀರು ನೀಡುವುದು ಪುಣ್ಯದ ಕೆಲಸ.

ಇಂದಿನ ಆಧುನಿಕ ಜಗತ್ತಿನಲ್ಲಿ ಸ್ವಾರ್ಥ ಹೆಚ್ಚುತ್ತಿದೆ. ಆದರೆ ನಮ್ಮ ಪರಂಪರೆಯ ಮೌಲ್ಯಗಳನ್ನು ನೆನಪಿಸಿಕೊಂಡರೆ ಸಮಾಜ ಸುಂದರವಾಗುತ್ತದೆ. ಮನುಷ್ಯ ಮನುಷ್ಯನಿಗೆ ನೆರವಾಗುವುದು ಧರ್ಮದ ಸಾರ.

ನಮ್ಮ ಪ್ರಾಚೀನ ಗ್ರಂಥಗಳು ಪರೋಪಕಾರವನ್ನು ಪರಮ ಧರ್ಮವೆಂದು ಬೋಧಿಸುತ್ತವೆ. ನದಿಗಳು ತಮ್ಮ ನೀರನ್ನು ತಾವೇ ಕುಡಿಯುವುದಿಲ್ಲ, ಮರಗಳು ತಮ್ಮ ಹಣ್ಣನ್ನು ತಾವೇ ತಿನ್ನುವುದಿಲ್ಲ. ಪರೋಪಕಾರಾರ್ಥಂ ಇದಂ ಶರೀರಮ್.

ರತ ಹಿಂದೂಗಳಿಂದ ಸ್ಥಾಪಿತವಾದ ಮತ್ತು ಹಿಂದೂಗಳಿಂದ ನೆಲೆಯಾದ ದೇಶ. ಇಲ್ಲಿ ಜನ್ಮತಾಳಿದ ಹಿಂದೂ ಧರ್ಮವು ತನ್ನ ಸಹಿಷ್ಣುತೆಗೆ ಹೆಸರಾಗಿದೆ. ವಿವಿಧತೆಯಲ್ಲಿ ಏಕತೆ ಎಂಬ ತತ್ವವನ್ನು ಅದು ಎತ್ತಿ ಹಿಡಿಯುತ್ತದೆ.

ಜೀವನದಲ್ಲಿ ಇತರರಿಗೆ ನೆರವಾಗುವುದೇ ನಿಜವಾದ ಸಾರ್ಥಕತೆ. ದಾನ, ಧರ್ಮ, ಸೇವೆ ಇವುಗಳು ನಮ್ಮ ಸಂಸ್ಕೃತಿಯ ಮೂಲ ಸ್ತಂಭಗಳು. ಹಸಿದವರಿಗೆ ಅನ್ನ, ಬಾಯಾರಿದವರಿಗೆ ನೀರು ನೀಡುವುದು ಪುಣ್ಯದ ಕೆಲಸ.

ಇಂದಿನ ಆಧುನಿಕ ಜಗತ್ತಿನಲ್ಲಿ ಸ್ವಾರ್ಥ ಹೆಚ್ಚುತ್ತಿದೆ. ಆದರೆ ನಮ್ಮ ಪರಂಪರೆಯ ಮೌಲ್ಯಗಳನ್ನು ನೆನಪಿಸಿಕೊಂಡರೆ ಸಮಾಜ ಸುಂದರವಾಗುತ್ತದೆ. ಮನುಷ್ಯ ಮನುಷ್ಯನಿಗೆ ನೆರವಾಗುವುದು ಧರ್ಮದ ಸಾರ.

ಜೀವನದಲ್ಲಿ ಇತರರಿಗೆ ನೆರವಾಗುವುದೇ ನಿಜವಾದ ಸಾರ್ಥಕತೆ. ದಾನ, ಧರ್ಮ, ಸೇವೆ ಇವುಗಳು ನಮ್ಮ ಸಂಸ್ಕೃತಿಯ ಮೂಲ ಸ್ತಂಭಗಳು. ಹಸಿದವರಿಗೆ ಅನ್ನ, ಬಾಯಾರಿದವರಿಗೆ ನೀರು ನೀಡುವುದು ಪುಣ್ಯದ ಕೆಲಸ.

ಇಂದಿನ ಆಧುನಿಕ ಜಗತ್ತಿನಲ್ಲಿ ಸ್ವಾರ್ಥ ಹೆಚ್ಚುತ್ತಿದೆ. ಆದರೆ ನಮ್ಮ ಪರಂಪರೆಯ ಮೌಲ್ಯಗಳನ್ನು ನೆನಪಿಸಿಕೊಂಡರೆ ಸಮಾಜ ಸುಂದರವಾಗುತ್ತದೆ. ಮನುಷ್ಯ ಮನುಷ್ಯನಿಗೆ ನೆರವಾಗುವುದು ಧರ್ಮದ ಸಾರ.

ರತ ಹಿಂದೂಗಳಿಂದ ಸ್ಥಾಪಿತವಾದ ಮತ್ತು ಹಿಂದೂಗಳಿಂದ ನೆಲೆಯಾದ ದೇಶ. ಇಲ್ಲಿ ಜನ್ಮತಾಳಿದ ಹಿಂದೂ ಧರ್ಮವು ತನ್ನ ಸಹಿಷ್ಣುತೆಗೆ ಹೆಸರಾಗಿದೆ. ವಿವಿಧತೆಯಲ್ಲಿ ಏಕತೆ ಎಂಬ ತತ್ವವನ್ನು ಅದು ಎತ್ತಿ ಹಿಡಿಯುತ್ತದೆ.

ನಮ್ಮ ಪ್ರಾಚೀನ ಗ್ರಂಥಗಳು ಪರೋಪಕಾರವನ್ನು ಪರಮ ಧರ್ಮವೆಂದು ಬೋಧಿಸುತ್ತವೆ. ನದಿಗಳು ತಮ್ಮ ನೀರನ್ನು ತಾವೇ ಕುಡಿಯುವುದಿಲ್ಲ, ಮರಗಳು ತಮ್ಮ ಹಣ್ಣನ್ನು ತಾವೇ ತಿನ್ನುವುದಿಲ್ಲ. ಪರೋಪಕಾರಾರ್ಥಂ ಇದಂ ಶರೀರಮ್.

ಜೀವನದ ಸಾರ್ಥಕತೆ

ಇಂದಿನ ಆಧುನಿಕ ಜಗತ್ತಿನಲ್ಲಿ ಸ್ವಾರ್ಥ ಹೆಚ್ಚುತ್ತಿದೆ. ಆದರೆ ನಮ್ಮ ಪರಂಪರೆಯ ಮೌಲ್ಯಗಳನ್ನು ನೆನಪಿಸಿಕೊಂಡರೆ ಸಮಾಜ ಸುಂದರವಾಗುತ್ತದೆ. ಮನುಷ್ಯ ಮನುಷ್ಯನಿಗೆ ನೆರವಾಗುವುದು ಧರ್ಮದ ಸಾರ.

ಜೀವನದಲ್ಲಿ ಇತರರಿಗೆ ನೆರವಾಗುವುದೇ ನಿಜವಾದ ಸಾರ್ಥಕತೆ. ದಾನ, ಧರ್ಮ, ಸೇವೆ ಇವುಗಳು ನಮ್ಮ ಸಂಸ್ಕೃತಿಯ ಮೂಲ ಸ್ತಂಭಗಳು. ಹಸಿದವರಿಗೆ ಅನ್ನ, ಬಾಯಾರಿದವರಿಗೆ ನೀರು ನೀಡುವುದು ಪುಣ್ಯದ ಕೆಲಸ.

ರತ ಹಿಂದೂಗಳಿಂದ ಸ್ಥಾಪಿತವಾದ ಮತ್ತು ಹಿಂದೂಗಳಿಂದ ನೆಲೆಯಾದ ದೇಶ. ಇಲ್ಲಿ ಜನ್ಮತಾಳಿದ ಹಿಂದೂ ಧರ್ಮವು ತನ್ನ ಸಹಿಷ್ಣುತೆಗೆ ಹೆಸರಾಗಿದೆ. ವಿವಿಧತೆಯಲ್ಲಿ ಏಕತೆ ಎಂಬ ತತ್ವವನ್ನು ಅದು ಎತ್ತಿ ಹಿಡಿಯುತ್ತದೆ.

ನಮ್ಮ ಪ್ರಾಚೀನ ಗ್ರಂಥಗಳು ಪರೋಪಕಾರವನ್ನು ಪರಮ ಧರ್ಮವೆಂದು ಬೋಧಿಸುತ್ತವೆ. ನದಿಗಳು ತಮ್ಮ ನೀರನ್ನು ತಾವೇ ಕುಡಿಯುವುದಿಲ್ಲ, ಮರಗಳು ತಮ್ಮ ಹಣ್ಣನ್ನು ತಾವೇ ತಿನ್ನುವುದಿಲ್ಲ. ಪರೋಪಕಾರಾರ್ಥಂ ಇದಂ ಶರೀರಮ್.

ಜೀವನದಲ್ಲಿ ಇತರರಿಗೆ ನೆರವಾಗುವುದೇ ನಿಜವಾದ ಸಾರ್ಥಕತೆ. ದಾನ, ಧರ್ಮ, ಸೇವೆ ಇವುಗಳು ನಮ್ಮ ಸಂಸ್ಕೃತಿಯ ಮೂಲ ಸ್ತಂಭಗಳು. ಹಸಿದವರಿಗೆ ಅನ್ನ, ಬಾಯಾರಿದವರಿಗೆ ನೀರು ನೀಡುವುದು ಪುಣ್ಯದ ಕೆಲಸ.

ಇಂದಿನ ಆಧುನಿಕ ಜಗತ್ತಿನಲ್ಲಿ ಸ್ವಾರ್ಥ ಹೆಚ್ಚುತ್ತಿದೆ. ಆದರೆ ನಮ್ಮ ಪರಂಪರೆಯ ಮೌಲ್ಯಗಳನ್ನು ನೆನಪಿಸಿಕೊಂಡರೆ ಸಮಾಜ ಸುಂದರವಾಗುತ್ತದೆ. ಮನುಷ್ಯ ಮನುಷ್ಯನಿಗೆ ನೆರವಾಗುವುದು ಧರ್ಮದ ಸಾರ.

ರತ ಹಿಂದೂಗಳಿಂದ ಸ್ಥಾಪಿತವಾದ ಮತ್ತು ಹಿಂದೂಗಳಿಂದ ನೆಲೆಯಾದ ದೇಶ. ಇಲ್ಲಿ ಜನ್ಮತಾಳಿದ ಹಿಂದೂ ಧರ್ಮವು ತನ್ನ ಸಹಿಷ್ಣುತೆಗೆ ಹೆಸರಾಗಿದೆ. ವಿವಿಧತೆಯಲ್ಲಿ ಏಕತೆ ಎಂಬ ತತ್ವವನ್ನು ಅದು ಎತ್ತಿ ಹಿಡಿಯುತ್ತದೆ.
